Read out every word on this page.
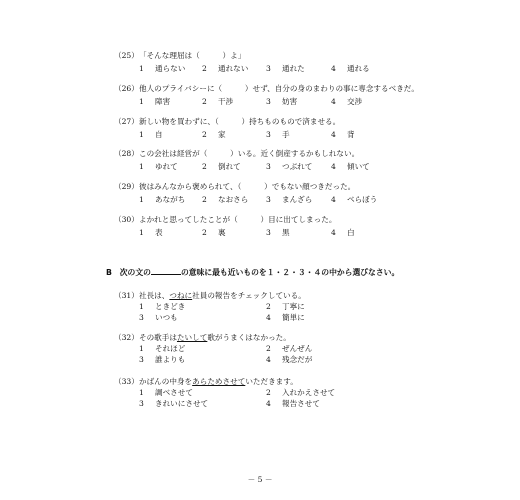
（25） 「そんな理屈は（　　　）よ」
1 通らない 2 通れない 3 通れた	4 通れる
（26） 他人のプライバシーに（　　　）せず、自分の身のまわりの事に専念するべきだ。
1 障害	2 干渉	3 妨害	4 交渉
（27） 新しい物を買わずに、（　　　）持ちものもので済ませる。
1 自	2 家	3 手	4 背
（28） この会社は経営が（　　　）いる。近く倒産するかもしれない。
1 ゆれて	2 倒れて	3 つぶれて 4 傾いて
（29） 彼はみんなから褒められて、（　　　）でもない顔つきだった。
1 あながち 2 なおさら 3 まんざら 4 べらぼう
（30） よかれと思ってしたことが（　　　）目に出てしまった。
1 表	2 裏	3 黒	4 白
B　次の文の	の意味に最も近いものを１・２・３・４の中から選びなさい。
（31） 社長は、つねに社員の報告をチェックしている。
1 ときどき	2 丁寧に
3 いつも	4 簡単に
（32） その歌手はたいして歌がうまくはなかった。
1 それほど	2 ぜんぜん
3 誰よりも	4 残念だが
（33） かばんの中身をあらためさせていただきます。
1 調べさせて	2 入れかえさせて
3 きれいにさせて	4 報告させて
－ 5 －
